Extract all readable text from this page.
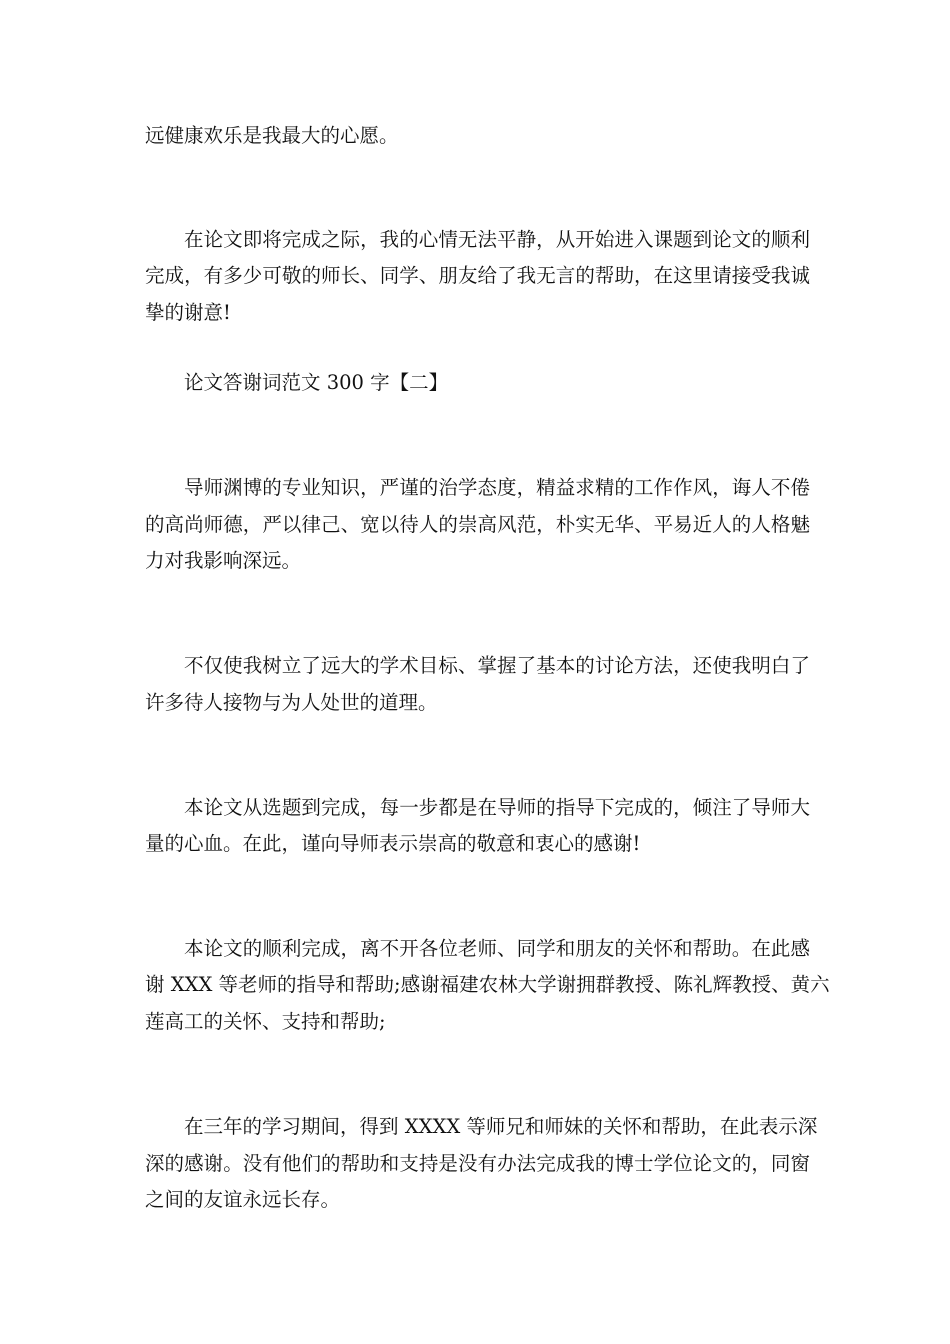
远健康欢乐是我最大的心愿。
在论文即将完成之际，我的心情无法平静，从开始进入课题到论文的顺利
完成，有多少可敬的师长、同学、朋友给了我无言的帮助，在这里请接受我诚
挚的谢意!
论文答谢词范文 300 字【二】
导师渊博的专业知识，严谨的治学态度，精益求精的工作作风，诲人不倦
的高尚师德，严以律己、宽以待人的崇高风范，朴实无华、平易近人的人格魅
力对我影响深远。
不仅使我树立了远大的学术目标、掌握了基本的讨论方法，还使我明白了
许多待人接物与为人处世的道理。
本论文从选题到完成，每一步都是在导师的指导下完成的，倾注了导师大
量的心血。在此，谨向导师表示崇高的敬意和衷心的感谢!
本论文的顺利完成，离不开各位老师、同学和朋友的关怀和帮助。在此感
谢 XXX 等老师的指导和帮助;感谢福建农林大学谢拥群教授、陈礼辉教授、黄六
莲高工的关怀、支持和帮助;
在三年的学习期间，得到 XXXX 等师兄和师妹的关怀和帮助，在此表示深
深的感谢。没有他们的帮助和支持是没有办法完成我的博士学位论文的，同窗
之间的友谊永远长存。
